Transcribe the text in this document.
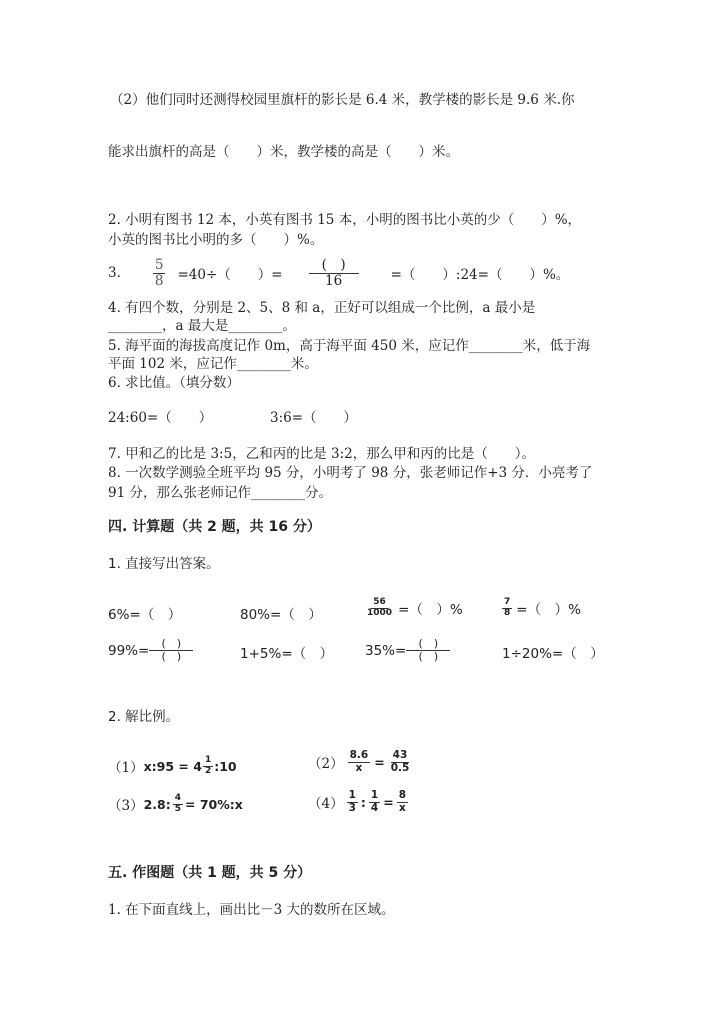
（2）他们同时还测得校园里旗杆的影长是 6.4 米，教学楼的影长是 9.6 米.你
能求出旗杆的高是（　　）米，教学楼的高是（　　）米。
2. 小明有图书 12 本，小英有图书 15 本，小明的图书比小英的少（　　）%，
小英的图书比小明的多（　　）%。
3. $\frac{5}{8} =40\div$（　　）= $\frac{( )}{16}$ =（　　）:24=（　　）%。
4. 有四个数，分别是 2、5、8 和 a，正好可以组成一个比例，a 最小是
________，a 最大是________。
5. 海平面的海拔高度记作 0m，高于海平面 450 米，应记作________米，低于海
平面 102 米，应记作________米。
6. 求比值。（填分数）
24:60=（　　）	3:6=（　　）
7. 甲和乙的比是 3:5，乙和丙的比是 3:2，那么甲和丙的比是（　　）。
8. 一次数学测验全班平均 95 分，小明考了 98 分，张老师记作+3 分．小亮考了
91 分，那么张老师记作________分。
四. 计算题（共 2 题，共 16 分）
1. 直接写出答案。
6%=（　）	80%=（　）	$\frac{56}{1000}$ =（　）%	$\frac{7}{8}$ =（　）%
$99\%= \frac{( )}{( )}$	1+5%=（　） $35\%= \frac{( )}{( )}$	1÷20%=（　）
2. 解比例。
（1） x:95 = $4 \frac{1}{2}$ :10	$(2) \frac{8.6}{x} = \frac{43}{0.5}$
（3） 2.8: $\frac{4}{5}$ = 70%:x	$(4) \frac{1}{3}$ : $\frac{1}{4} = \frac{8}{x}$
五. 作图题（共 1 题，共 5 分）
1. 在下面直线上，画出比－3 大的数所在区域。
